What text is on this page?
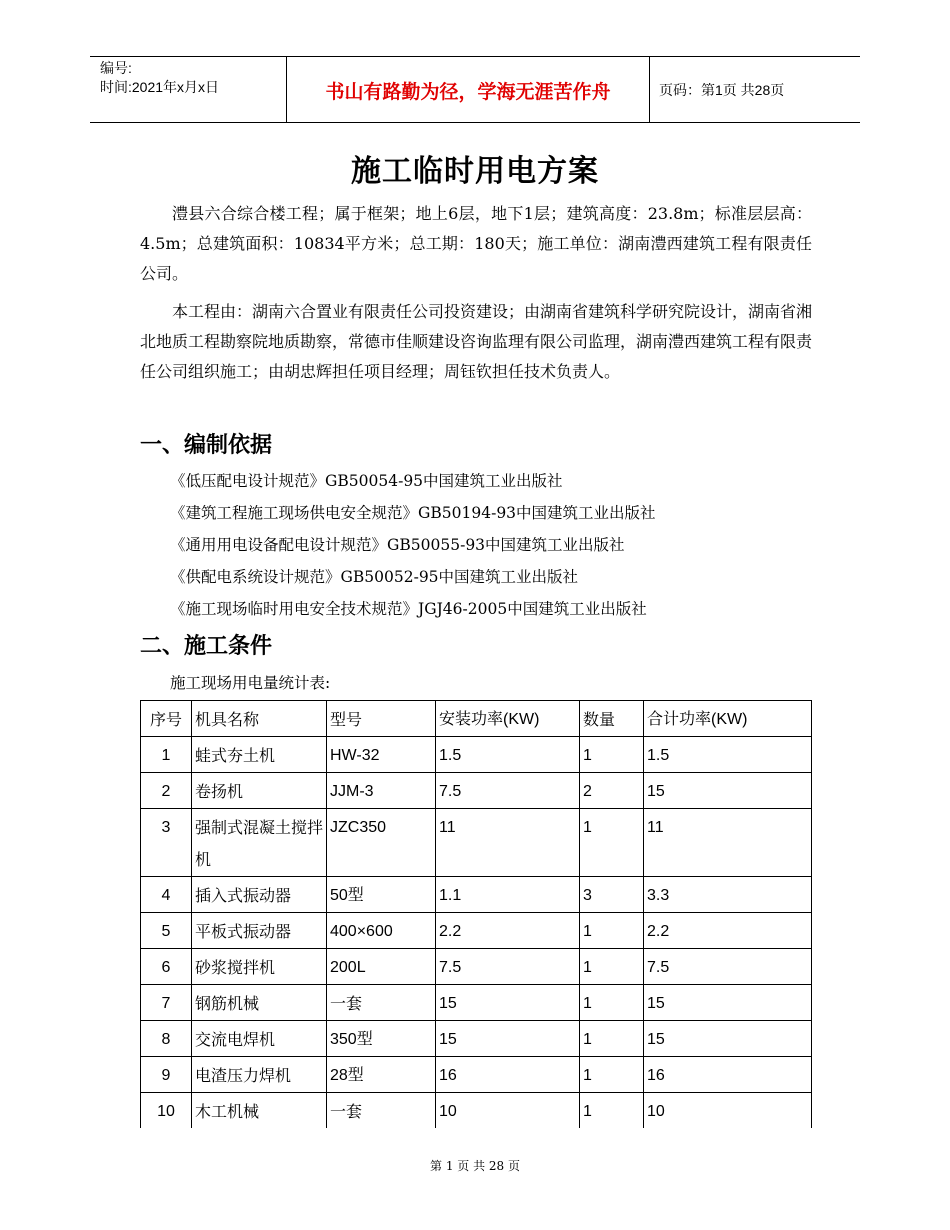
编号:
时间:2021年x月x日	书山有路勤为径，学海无涯苦作舟	页码：第1页 共28页
施工临时用电方案
澧县六合综合楼工程；属于框架；地上6层，地下1层；建筑高度：23.8m；标准层层高：4.5m；总建筑面积：10834平方米；总工期：180天；施工单位：湖南澧西建筑工程有限责任公司。
本工程由：湖南六合置业有限责任公司投资建设；由湖南省建筑科学研究院设计，湖南省湘北地质工程勘察院地质勘察，常德市佳顺建设咨询监理有限公司监理，湖南澧西建筑工程有限责任公司组织施工；由胡忠辉担任项目经理；周钰钦担任技术负责人。
一、编制依据
《低压配电设计规范》GB50054-95中国建筑工业出版社
《建筑工程施工现场供电安全规范》GB50194-93中国建筑工业出版社
《通用用电设备配电设计规范》GB50055-93中国建筑工业出版社
《供配电系统设计规范》GB50052-95中国建筑工业出版社
《施工现场临时用电安全技术规范》JGJ46-2005中国建筑工业出版社
二、施工条件
施工现场用电量统计表:
序号	机具名称	型号	安装功率(KW)	数量	合计功率(KW)
1	蛙式夯土机	HW-32	1.5	1	1.5
2	卷扬机	JJM-3	7.5	2	15
3	强制式混凝土搅拌机	JZC350	11	1	11
4	插入式振动器	50型	1.1	3	3.3
5	平板式振动器	400×600	2.2	1	2.2
6	砂浆搅拌机	200L	7.5	1	7.5
7	钢筋机械	一套	15	1	15
8	交流电焊机	350型	15	1	15
9	电渣压力焊机	28型	16	1	16
10	木工机械	一套	10	1	10
第 1 页 共 28 页
